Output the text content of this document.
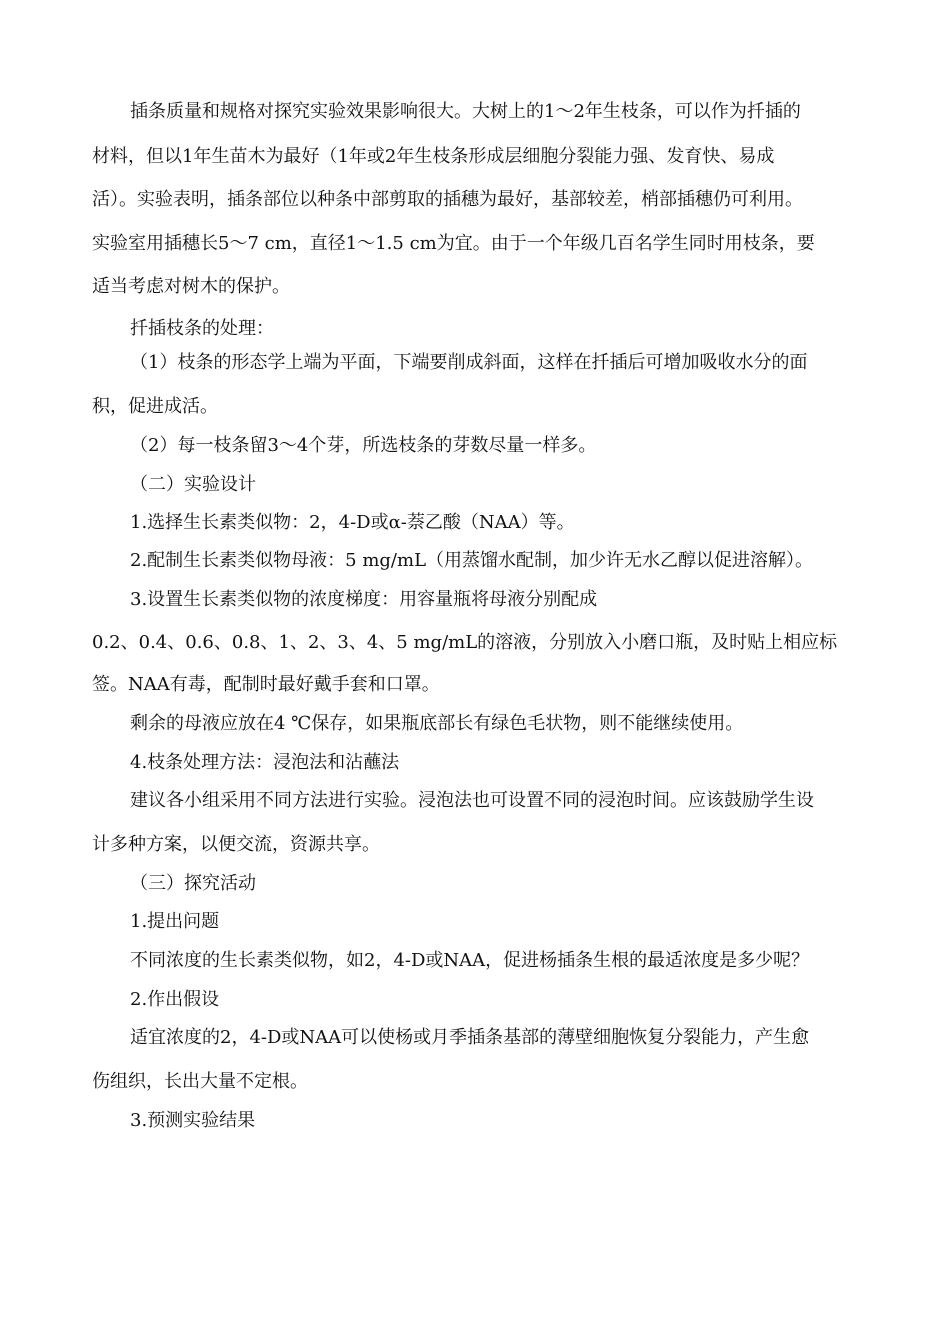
插条质量和规格对探究实验效果影响很大。大树上的1～2年生枝条，可以作为扦插的
材料，但以1年生苗木为最好（1年或2年生枝条形成层细胞分裂能力强、发育快、易成
活）。实验表明，插条部位以种条中部剪取的插穗为最好，基部较差，梢部插穗仍可利用。
实验室用插穗长5～7 cm，直径1～1.5 cm为宜。由于一个年级几百名学生同时用枝条，要
适当考虑对树木的保护。
扦插枝条的处理：
（1）枝条的形态学上端为平面，下端要削成斜面，这样在扦插后可增加吸收水分的面
积，促进成活。
（2）每一枝条留3～4个芽，所选枝条的芽数尽量一样多。
（二）实验设计
1.选择生长素类似物：2，4-D或α-萘乙酸（NAA）等。
2.配制生长素类似物母液：5 mg/mL（用蒸馏水配制，加少许无水乙醇以促进溶解）。
3.设置生长素类似物的浓度梯度：用容量瓶将母液分别配成
0.2、0.4、0.6、0.8、1、2、3、4、5 mg/mL的溶液，分别放入小磨口瓶，及时贴上相应标
签。NAA有毒，配制时最好戴手套和口罩。
剩余的母液应放在4 ℃保存，如果瓶底部长有绿色毛状物，则不能继续使用。
4.枝条处理方法：浸泡法和沾蘸法
建议各小组采用不同方法进行实验。浸泡法也可设置不同的浸泡时间。应该鼓励学生设
计多种方案，以便交流，资源共享。
（三）探究活动
1.提出问题
不同浓度的生长素类似物，如2，4-D或NAA，促进杨插条生根的最适浓度是多少呢？
2.作出假设
适宜浓度的2，4-D或NAA可以使杨或月季插条基部的薄壁细胞恢复分裂能力，产生愈
伤组织，长出大量不定根。
3.预测实验结果
